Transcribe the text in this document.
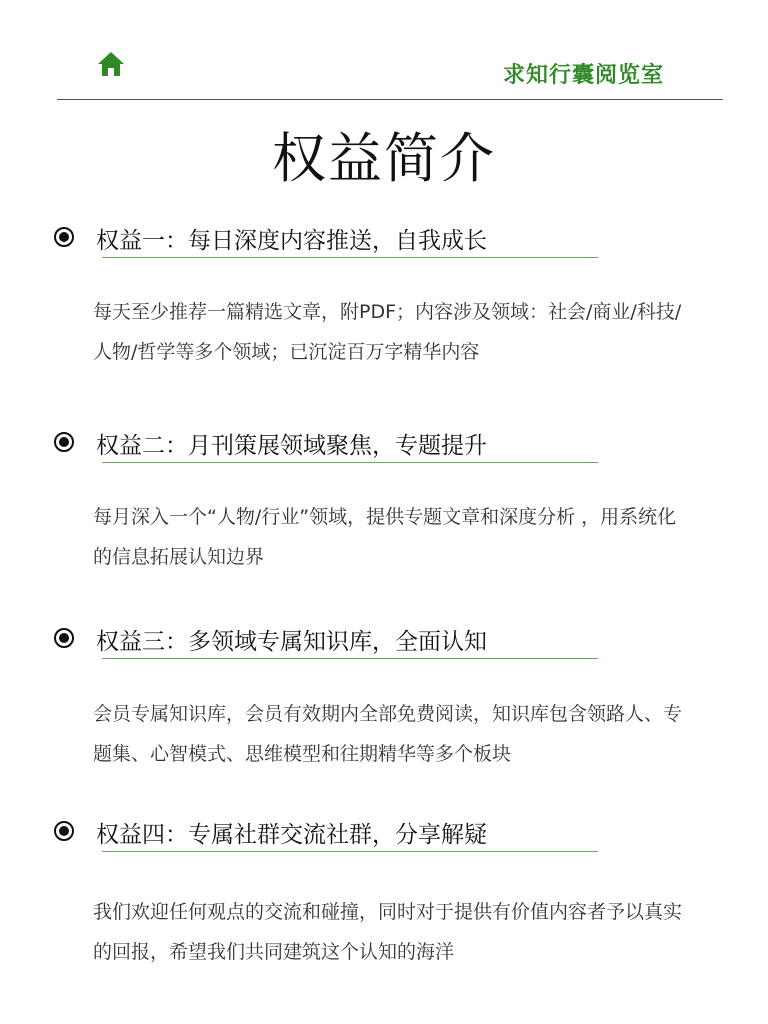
求知行囊阅览室
权益简介
权益一：每日深度内容推送，自我成长

每天至少推荐一篇精选文章，附PDF；内容涉及领域：社会/商业/科技/人物/哲学等多个领域；已沉淀百万字精华内容

权益二：月刊策展领域聚焦，专题提升

每月深入一个“人物/行业”领域，提供专题文章和深度分析 ，用系统化的信息拓展认知边界

权益三：多领域专属知识库，全面认知

会员专属知识库，会员有效期内全部免费阅读，知识库包含领路人、专题集、心智模式、思维模型和往期精华等多个板块

权益四：专属社群交流社群，分享解疑

我们欢迎任何观点的交流和碰撞，同时对于提供有价值内容者予以真实的回报，希望我们共同建筑这个认知的海洋
